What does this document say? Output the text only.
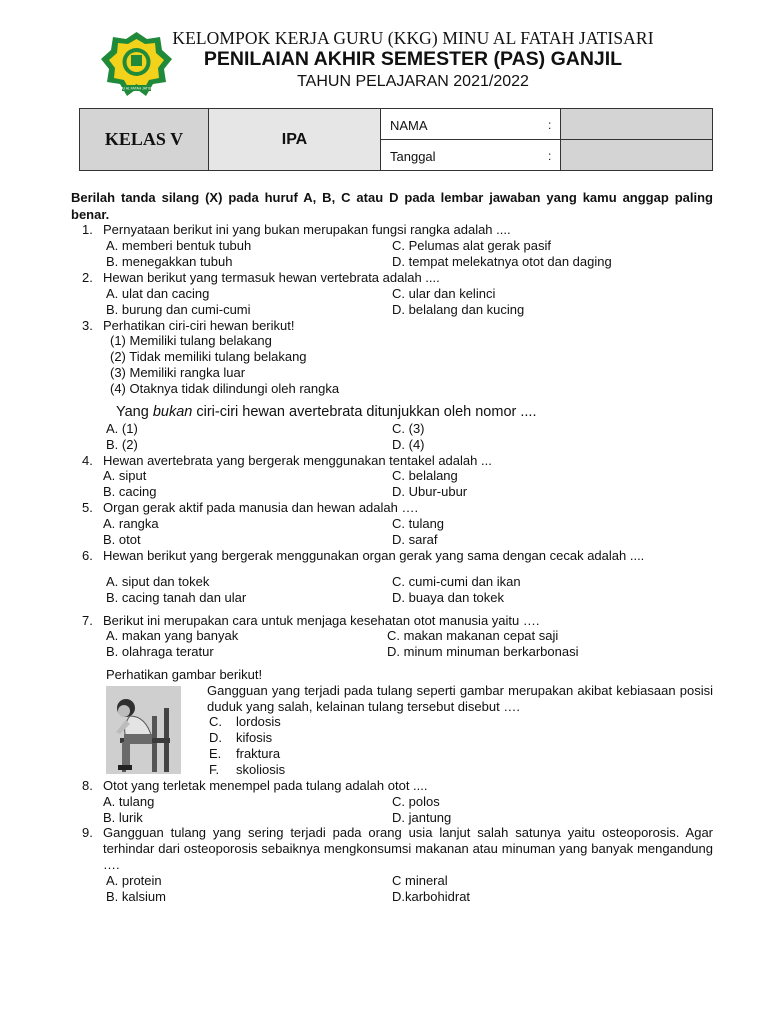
MINU AL FATAH JATISARI
KELOMPOK KERJA GURU (KKG) MINU AL FATAH JATISARI
PENILAIAN AKHIR SEMESTER (PAS) GANJIL
TAHUN PELAJARAN 2021/2022
KELAS V	IPA
NAMA	:
Tanggal	:
Berilah tanda silang (X) pada huruf A, B, C atau D pada lembar jawaban yang kamu anggap paling benar.
1. Pernyataan berikut ini yang bukan merupakan fungsi rangka adalah ....
A. memberi bentuk tubuh	C. Pelumas alat gerak pasif
B. menegakkan tubuh	D. tempat melekatnya otot dan daging
2. Hewan berikut yang termasuk hewan vertebrata adalah ....
A. ulat dan cacing	C. ular dan kelinci
B. burung dan cumi-cumi	D. belalang dan kucing
3. Perhatikan ciri-ciri hewan berikut!
(1) Memiliki tulang belakang
(2) Tidak memiliki tulang belakang
(3) Memiliki rangka luar
(4) Otaknya tidak dilindungi oleh rangka
Yang bukan ciri-ciri hewan avertebrata ditunjukkan oleh nomor ....
A. (1)	C. (3)
B. (2)	D. (4)
4. Hewan avertebrata yang bergerak menggunakan tentakel adalah ...
A. siput	C. belalang
B. cacing	D. Ubur-ubur
5. Organ gerak aktif pada manusia dan hewan adalah ….
A. rangka	C. tulang
B. otot	D. saraf
6. Hewan berikut yang bergerak menggunakan organ gerak yang sama dengan cecak adalah ....
A. siput dan tokek	C. cumi-cumi dan ikan
B. cacing tanah dan ular	D. buaya dan tokek
7. Berikut ini merupakan cara untuk menjaga kesehatan otot manusia yaitu ….
A. makan yang banyak	C. makan makanan cepat saji
B. olahraga teratur	D. minum minuman berkarbonasi
Perhatikan gambar berikut!
Gangguan yang terjadi pada tulang seperti gambar merupakan akibat kebiasaan posisi duduk yang salah, kelainan tulang tersebut disebut ….
C. lordosis
D. kifosis
E. fraktura
F. skoliosis
8. Otot yang terletak menempel pada tulang adalah otot ....
A. tulang	C. polos
B. lurik	D. jantung
9. Gangguan tulang yang sering terjadi pada orang usia lanjut salah satunya yaitu osteoporosis. Agar terhindar dari osteoporosis sebaiknya mengkonsumsi makanan atau minuman yang banyak mengandung ….
A. protein	C mineral
B. kalsium	D.karbohidrat
